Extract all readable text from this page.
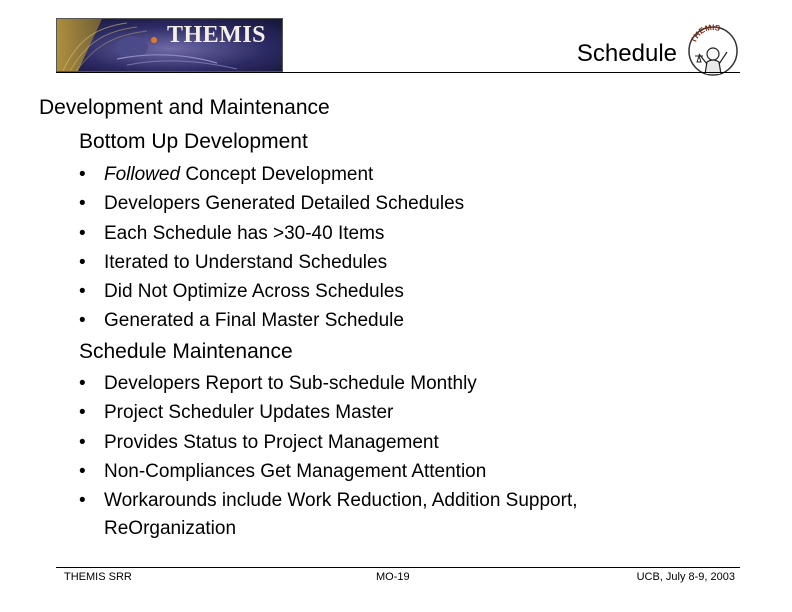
THEMIS
Schedule THEMIS
Development and Maintenance
Bottom Up Development
• Followed Concept Development
• Developers Generated Detailed Schedules
• Each Schedule has >30-40 Items
• Iterated to Understand Schedules
• Did Not Optimize Across Schedules
• Generated a Final Master Schedule
Schedule Maintenance
• Developers Report to Sub-schedule Monthly
• Project Scheduler Updates Master
• Provides Status to Project Management
• Non-Compliances Get Management Attention
• Workarounds include Work Reduction, Addition Support,
ReOrganization
THEMIS SRR	MO-19	UCB, July 8-9, 2003
